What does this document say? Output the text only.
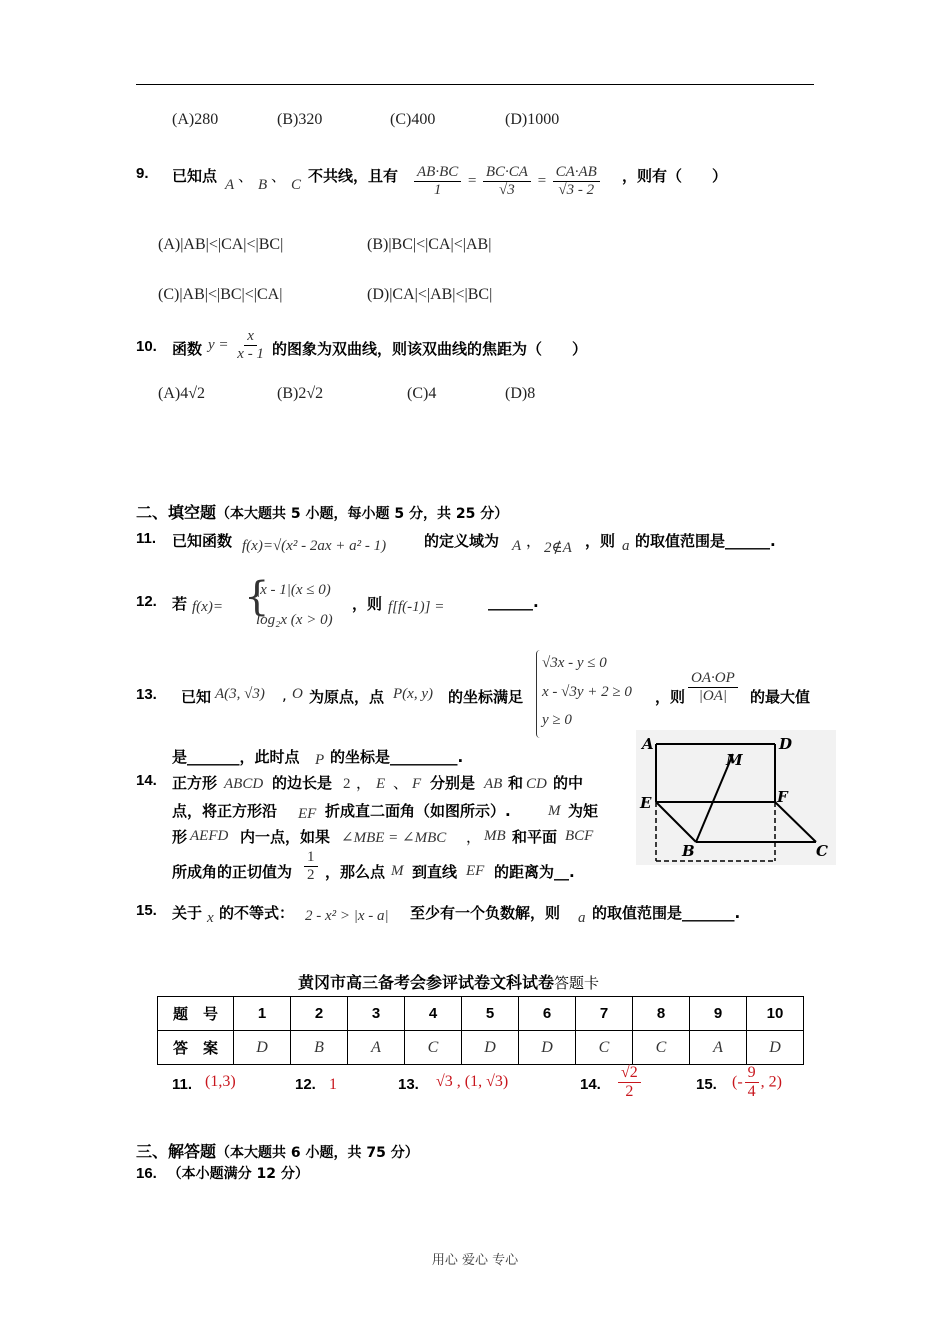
(A)280	(B)320	(C)400	(D)1000
9. 已知点 A 、 B 、 C 不共线，且有 $\frac{AB\cdot BC}{1} = \frac{BC\cdot CA}{√3} = \frac{CA\cdot AB}{√3 - 2}$ ，则有（　　）
(A)|AB|<|CA|<|BC|	(B)|BC|<|CA|<|AB|
(C)|AB|<|BC|<|CA|	(D)|CA|<|AB|<|BC|
10. 函数 $y = \frac{x}{x - 1}$ 的图象为双曲线，则该双曲线的焦距为（　　）
(A)4√2	(B)2√2	(C)4	(D)8
二、填空题（本大题共 5 小题，每小题 5 分，共 25 分）
11. 已知函数 f(x)=√(x² - 2ax + a² - 1)	的定义域为 A ， 2∉A ，则 a 的取值范围是______.
12. 若 f(x)= {
|x - 1|(x ≤ 0)
log₂x (x > 0)
，则 f[f(-1)] =	______.
13. 已知 A(3, √3) , O 为原点，点 P(x, y) 的坐标满足
√3x - y ≤ 0
x - √3y + 2 ≥ 0
y ≥ 0
，则 $\frac{OA\cdot OP}{|OA|}$ 的最大值
是_______，此时点 P 的坐标是_________.
14. 正方形 ABCD 的边长是 2 ， E 、 F 分别是 AB 和 CD 的中
点，将正方形沿 EF 折成直二面角（如图所示）. M 为矩
形 AEFD 内一点，如果 ∠MBE = ∠MBC ， MB 和平面 BCF
所成角的正切值为 $\frac{1}{2}$ ，那么点 M 到直线 EF 的距离为__.
A	D
M
E	F
B	C
15. 关于 x 的不等式： 2 - x² > |x - a| 至少有一个负数解，则 a 的取值范围是_______.
黄冈市高三备考会参评试卷文科试卷答题卡
题　号	1	2	3	4	5	6	7	8	9	10
答　案	D	B	A	C	D	D	C	C	A	D
11. (1,3)	12. 1	13. √3 , (1, √3)	14. $\frac{√2}{2}$	15. (- $\frac{9}{4}$ , 2)
三、解答题（本大题共 6 小题，共 75 分）
16. （本小题满分 12 分）
用心 爱心 专心
